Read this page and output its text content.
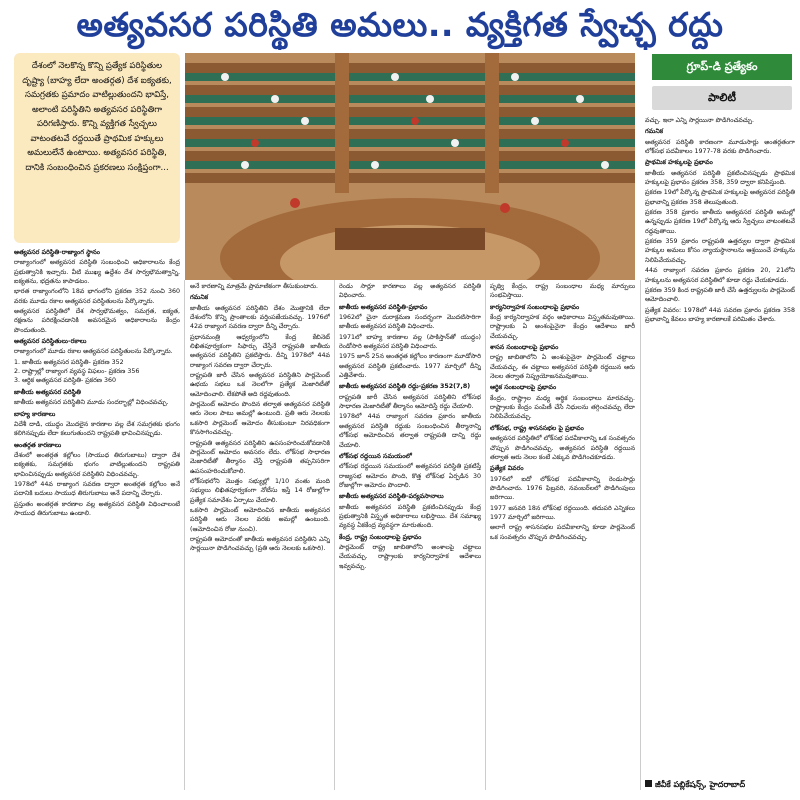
అత్యవసర పరిస్థితి అమలు.. వ్యక్తిగత స్వేచ్ఛ రద్దు
దేశంలో నెలకొన్న కొన్ని ప్రత్యేక పరిస్థితుల దృష్ట్యా (బాహ్య లేదా అంతర్గత) దేశ ఐక్యతకు, సమగ్రతకు ప్రమాదం వాటిల్లుతుందని భావిస్తే, అలాంటి పరిస్థితిని అత్యవసర పరిస్థితిగా పరిగణిస్తారు. కొన్ని వ్యక్తిగత స్వేచ్ఛలు వాటంతటవే రద్దయితే ప్రాథమిక హక్కులు అమలులేనే ఉంటాయి. అత్యవసర పరిస్థితి, దానికి సంబంధించిన ప్రకరణలు సంక్షిప్తంగా...
గ్రూప్-డి ప్రత్యేకం
పాలిటీ

అత్యవసర పరిస్థితి-రాజ్యాంగ స్థానం

రాజ్యాంగంలో అత్యవసర పరిస్థితి సంబంధించి అధికారాలను కేంద్ర ప్రభుత్వానికి ఇచ్చారు. వీటి ముఖ్య ఉద్దేశం దేశ సార్వభౌమత్వాన్ని, ఐక్యతను, భద్రతను కాపాడటం.

భారత రాజ్యాంగంలోని 18వ భాగంలోని ప్రకరణ 352 నుంచి 360 వరకు మూడు రకాల అత్యవసర పరిస్థితులను పేర్కొన్నారు.

అత్యవసర పరిస్థితిలో దేశ సార్వభౌమత్వం, సమగ్రత, ఐక్యత, రక్షణను పరిరక్షించడానికి అవసరమైన అధికారాలను కేంద్రం పొందుతుంది.

అత్యవసర పరిస్థితులు-రకాలు

రాజ్యాంగంలో మూడు రకాల అత్యవసర పరిస్థితులను పేర్కొన్నారు.

1. జాతీయ అత్యవసర పరిస్థితి- ప్రకరణ 352

2. రాష్ట్రాల్లో రాజ్యాంగ వ్యవస్థ విఫలం- ప్రకరణ 356

3. ఆర్థిక అత్యవసర పరిస్థితి- ప్రకరణ 360

జాతీయ అత్యవసర పరిస్థితి

జాతీయ అత్యవసర పరిస్థితిని మూడు సందర్భాల్లో విధించవచ్చు.

బాహ్య కారణాలు

విదేశీ దాడి, యుద్ధం మొదలైన కారణాల వల్ల దేశ సమగ్రతకు భంగం కలిగినప్పుడు లేదా కలుగుతుందని రాష్ట్రపతి భావించినప్పుడు.

అంతర్గత కారణాలు

దేశంలో అంతర్గత కల్లోలం (సాయుధ తిరుగుబాటు) ద్వారా దేశ ఐక్యతకు, సమగ్రతకు భంగం వాటిల్లుతుందని రాష్ట్రపతి భావించినప్పుడు అత్యవసర పరిస్థితిని విధించవచ్చు.

1978లో 44వ రాజ్యాంగ సవరణ ద్వారా అంతర్గత కల్లోలం అనే పదానికి బదులు సాయుధ తిరుగుబాటు అనే పదాన్ని చేర్చారు.

ప్రస్తుతం అంతర్గత కారణాల వల్ల అత్యవసర పరిస్థితి విధించాలంటే సాయుధ తిరుగుబాటు ఉండాలి.

అనే కారణాన్ని మాత్రమే ప్రామాణికంగా తీసుకుంటారు.

గమనిక

జాతీయ అత్యవసర పరిస్థితిని దేశం మొత్తానికి లేదా దేశంలోని కొన్ని ప్రాంతాలకు వర్తింపజేయవచ్చు. 1976లో 42వ రాజ్యాంగ సవరణ ద్వారా దీన్ని చేర్చారు.

ప్రధానమంత్రి ఆధ్వర్యంలోని కేంద్ర కేబినెట్ లిఖితపూర్వకంగా సిఫార్సు చేస్తేనే రాష్ట్రపతి జాతీయ అత్యవసర పరిస్థితిని ప్రకటిస్తారు. దీన్ని 1978లో 44వ రాజ్యాంగ సవరణ ద్వారా చేర్చారు.

రాష్ట్రపతి జారీ చేసిన అత్యవసర పరిస్థితిని పార్లమెంట్ ఉభయ సభలు ఒక నెలలోగా ప్రత్యేక మెజారిటీతో ఆమోదించాలి. లేకపోతే అది రద్దవుతుంది.

పార్లమెంట్ ఆమోదం పొందిన తర్వాత అత్యవసర పరిస్థితి ఆరు నెలల పాటు అమల్లో ఉంటుంది. ప్రతి ఆరు నెలలకు ఒకసారి పార్లమెంట్ ఆమోదం తీసుకుంటూ నిరవధికంగా కొనసాగించవచ్చు.

రాష్ట్రపతి అత్యవసర పరిస్థితిని ఉపసంహరించుకోవడానికి పార్లమెంట్ ఆమోదం అవసరం లేదు. లోక్‌సభ సాధారణ మెజారిటీతో తీర్మానం చేస్తే రాష్ట్రపతి తప్పనిసరిగా ఉపసంహరించుకోవాలి.

లోక్‌సభలోని మొత్తం సభ్యుల్లో 1/10 వంతు మంది సభ్యులు లిఖితపూర్వకంగా నోటీసు ఇస్తే 14 రోజుల్లోగా ప్రత్యేక సమావేశం ఏర్పాటు చేయాలి.

ఒకసారి పార్లమెంట్ ఆమోదించిన జాతీయ అత్యవసర పరిస్థితి ఆరు నెలల వరకు అమల్లో ఉంటుంది. (ఆమోదించిన రోజు నుంచి).

రాష్ట్రపతి ఆమోదంతో జాతీయ అత్యవసర పరిస్థితిని ఎన్ని సార్లయినా పొడిగించవచ్చు (ప్రతి ఆరు నెలలకు ఒకసారి).

రెండు సార్లూ కారణాలు వల్ల అత్యవసర పరిస్థితి విధించారు.

జాతీయ అత్యవసర పరిస్థితి-ప్రభావం

1962లో చైనా దురాక్రమణ సందర్భంగా మొదటిసారిగా జాతీయ అత్యవసర పరిస్థితి విధించారు.

1971లో బాహ్య కారణాల వల్ల (పాకిస్తాన్‌తో యుద్ధం) రెండోసారి అత్యవసర పరిస్థితి విధించారు.

1975 జూన్ 25న అంతర్గత కల్లోలం కారణంగా మూడోసారి అత్యవసర పరిస్థితి ప్రకటించారు. 1977 మార్చిలో దీన్ని ఎత్తివేశారు.

జాతీయ అత్యవసర పరిస్థితి రద్దు-ప్రకరణ 352(7,8)

రాష్ట్రపతి జారీ చేసిన అత్యవసర పరిస్థితిని లోక్‌సభ సాధారణ మెజారిటీతో తీర్మానం ఆమోదిస్తే రద్దు చేయాలి.

1978లో 44వ రాజ్యాంగ సవరణ ప్రకారం జాతీయ అత్యవసర పరిస్థితి రద్దుకు సంబంధించిన తీర్మానాన్ని లోక్‌సభ ఆమోదించిన తర్వాత రాష్ట్రపతి దాన్ని రద్దు చేయాలి.

లోక్‌సభ రద్దయిన సమయంలో

లోక్‌సభ రద్దయిన సమయంలో అత్యవసర పరిస్థితి ప్రకటిస్తే రాజ్యసభ ఆమోదం పొంది, కొత్త లోక్‌సభ ఏర్పడిన 30 రోజుల్లోగా ఆమోదం పొందాలి.

జాతీయ అత్యవసర పరిస్థితి-పర్యవసానాలు

జాతీయ అత్యవసర పరిస్థితి ప్రకటించినప్పుడు కేంద్ర ప్రభుత్వానికి విస్తృత అధికారాలు లభిస్తాయి. దేశ సమాఖ్య వ్యవస్థ ఏకకేంద్ర వ్యవస్థగా మారుతుంది.

కేంద్ర, రాష్ట్ర సంబంధాలపై ప్రభావం

పార్లమెంట్ రాష్ట్ర జాబితాలోని అంశాలపై చట్టాలు చేయవచ్చు. రాష్ట్రాలకు కార్యనిర్వాహక ఆదేశాలు ఇవ్వవచ్చు.

పృథ్వి కేంద్రం, రాష్ట్ర సంబంధాల మధ్య మార్పులు సంభవిస్తాయి.

కార్యనిర్వాహక సంబంధాలపై ప్రభావం

కేంద్ర కార్యనిర్వాహక వర్గం అధికారాలు విస్తృతమవుతాయి. రాష్ట్రాలకు ఏ అంశంపైనైనా కేంద్రం ఆదేశాలు జారీ చేయవచ్చు.

శాసన సంబంధాలపై ప్రభావం

రాష్ట్ర జాబితాలోని ఏ అంశంపైనైనా పార్లమెంట్ చట్టాలు చేయవచ్చు. ఈ చట్టాలు అత్యవసర పరిస్థితి రద్దయిన ఆరు నెలల తర్వాత నిష్ప్రయోజనమవుతాయి.

ఆర్థిక సంబంధాలపై ప్రభావం

కేంద్రం, రాష్ట్రాల మధ్య ఆర్థిక సంబంధాలు మారవచ్చు. రాష్ట్రాలకు కేంద్రం పంపిణీ చేసే నిధులను తగ్గించవచ్చు లేదా నిలిపివేయవచ్చు.

లోక్‌సభ, రాష్ట్ర శాసనసభల పై ప్రభావం

అత్యవసర పరిస్థితిలో లోక్‌సభ పదవీకాలాన్ని ఒక సంవత్సరం చొప్పున పొడిగించవచ్చు. అత్యవసర పరిస్థితి రద్దయిన తర్వాత ఆరు నెలల కంటే ఎక్కువ పొడిగించకూడదు.

ప్రత్యేక వివరం

1976లో ఐదో లోక్‌సభ పదవీకాలాన్ని రెండుసార్లు పొడిగించారు. 1976 ఫిబ్రవరి, నవంబర్‌లలో పొడిగింపులు జరిగాయి.

1977 జనవరి 18న లోక్‌సభ రద్దయింది. తదుపరి ఎన్నికలు 1977 మార్చిలో జరిగాయి.

అలాగే రాష్ట్ర శాసనసభల పదవీకాలాన్ని కూడా పార్లమెంట్ ఒక సంవత్సరం చొప్పున పొడిగించవచ్చు.

వచ్చు. ఇలా ఎన్ని సార్లయినా పొడిగించవచ్చు.

గమనిక

అత్యవసర పరిస్థితి కారణంగా మూడుసార్లు అంతర్గతంగా లోక్‌సభ పదవీకాలం 1977-78 వరకు పొడిగించారు.

ప్రాథమిక హక్కులపై ప్రభావం

జాతీయ అత్యవసర పరిస్థితి ప్రకటించినప్పుడు ప్రాథమిక హక్కులపై ప్రభావం ప్రకరణ 358, 359 ద్వారా కనిపిస్తుంది.

ప్రకరణ 19లో పేర్కొన్న ప్రాథమిక హక్కులపై అత్యవసర పరిస్థితి ప్రభావాన్ని ప్రకరణ 358 తెలుపుతుంది.

ప్రకరణ 358 ప్రకారం జాతీయ అత్యవసర పరిస్థితి అమల్లో ఉన్నప్పుడు ప్రకరణ 19లో పేర్కొన్న ఆరు స్వేచ్ఛలు వాటంతటవే రద్దవుతాయి.

ప్రకరణ 359 ప్రకారం రాష్ట్రపతి ఉత్తర్వుల ద్వారా ప్రాథమిక హక్కుల అమలు కోసం న్యాయస్థానాలను ఆశ్రయించే హక్కును నిలిపివేయవచ్చు.

44వ రాజ్యాంగ సవరణ ప్రకారం ప్రకరణ 20, 21లోని హక్కులను అత్యవసర పరిస్థితిలో కూడా రద్దు చేయకూడదు.

ప్రకరణ 359 కింద రాష్ట్రపతి జారీ చేసే ఉత్తర్వులను పార్లమెంట్ ఆమోదించాలి.

ప్రత్యేక వివరం: 1978లో 44వ సవరణ ప్రకారం ప్రకరణ 358 ప్రభావాన్ని కేవలం బాహ్య కారణాలకే పరిమితం చేశారు.

జీవీకే పబ్లికేషన్స్, హైదరాబాద్
